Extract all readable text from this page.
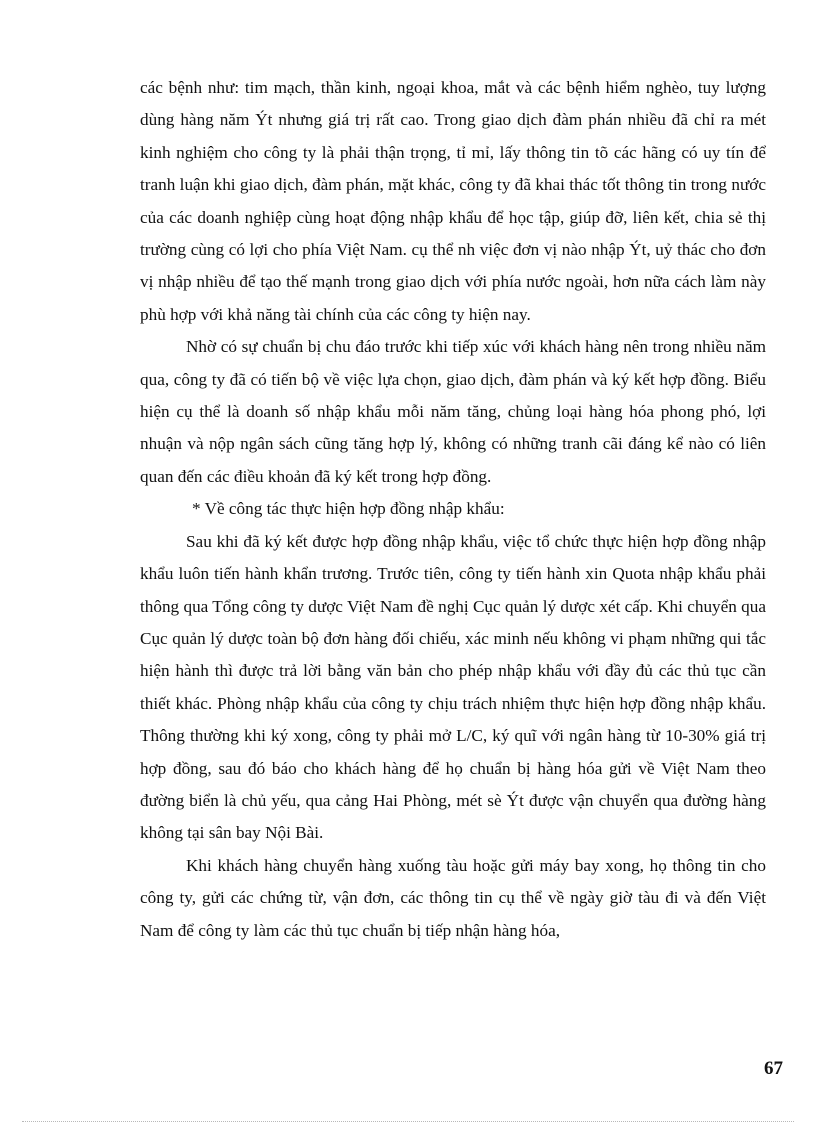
các bệnh như: tim mạch, thần kinh, ngoại khoa, mắt và các bệnh hiểm nghèo, tuy lượng dùng hàng năm Ýt nhưng giá trị rất cao. Trong giao dịch đàm phán nhiều đã chỉ ra mét kinh nghiệm cho công ty là phải thận trọng, tỉ mỉ, lấy thông tin tõ các hãng có uy tín để tranh luận khi giao dịch, đàm phán, mặt khác, công ty đã khai thác tốt thông tin trong nước của các doanh nghiệp cùng hoạt động nhập khẩu để học tập, giúp đỡ, liên kết, chia sẻ thị trường cùng có lợi cho phía Việt Nam. cụ thể nh việc đơn vị nào nhập Ýt, uỷ thác cho đơn vị nhập nhiều để tạo thế mạnh trong giao dịch với phía nước ngoài, hơn nữa cách làm này phù hợp với khả năng tài chính của các công ty hiện nay.

Nhờ có sự chuẩn bị chu đáo trước khi tiếp xúc với khách hàng nên trong nhiều năm qua, công ty đã có tiến bộ về việc lựa chọn, giao dịch, đàm phán và ký kết hợp đồng. Biểu hiện cụ thể là doanh số nhập khẩu mỗi năm tăng, chủng loại hàng hóa phong phó, lợi nhuận và nộp ngân sách cũng tăng hợp lý, không có những tranh cãi đáng kể nào có liên quan đến các điều khoản đã ký kết trong hợp đồng.

* Về công tác thực hiện hợp đồng nhập khẩu:

Sau khi đã ký kết được hợp đồng nhập khẩu, việc tổ chức thực hiện hợp đồng nhập khẩu luôn tiến hành khẩn trương. Trước tiên, công ty tiến hành xin Quota nhập khẩu phải thông qua Tổng công ty dược Việt Nam đề nghị Cục quản lý dược xét cấp. Khi chuyển qua Cục quản lý dược toàn bộ đơn hàng đối chiếu, xác minh nếu không vi phạm những qui tắc hiện hành thì được trả lời bằng văn bản cho phép nhập khẩu với đầy đủ các thủ tục cần thiết khác. Phòng nhập khẩu của công ty chịu trách nhiệm thực hiện hợp đồng nhập khẩu. Thông thường khi ký xong, công ty phải mở L/C, ký quĩ với ngân hàng từ 10-30% giá trị hợp đồng, sau đó báo cho khách hàng để họ chuẩn bị hàng hóa gửi về Việt Nam theo đường biển là chủ yếu, qua cảng Hai Phòng, mét sè Ýt được vận chuyển qua đường hàng không tại sân bay Nội Bài.

Khi khách hàng chuyển hàng xuống tàu hoặc gửi máy bay xong, họ thông tin cho công ty, gửi các chứng từ, vận đơn, các thông tin cụ thể về ngày giờ tàu đi và đến Việt Nam để công ty làm các thủ tục chuẩn bị tiếp nhận hàng hóa,

67
